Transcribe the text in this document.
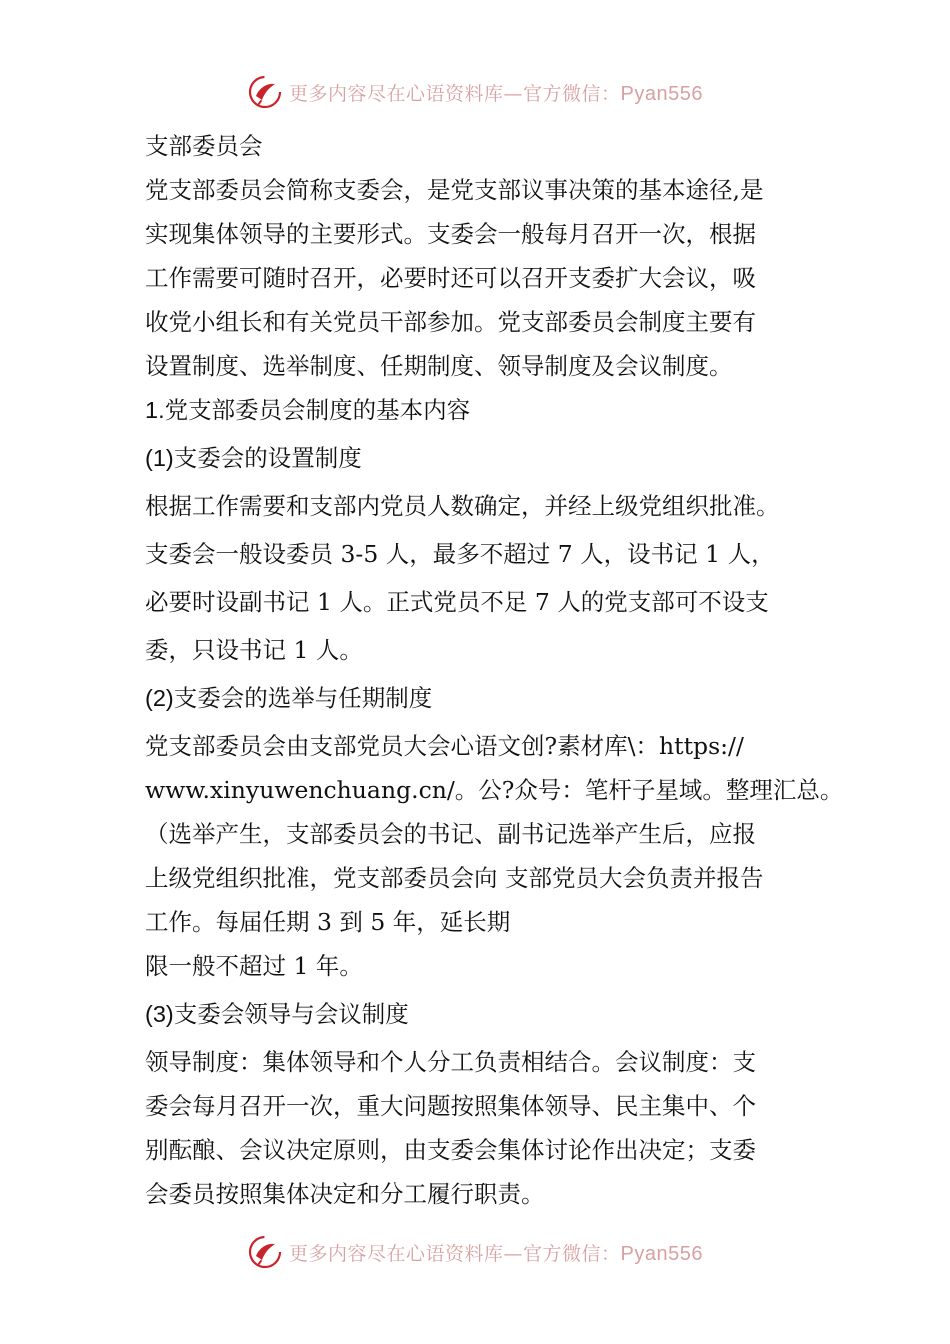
更多内容尽在心语资料库—官方微信：Pyan556
支部委员会
党支部委员会简称支委会，是党支部议事决策的基本途径,是
实现集体领导的主要形式。支委会一般每月召开一次，根据
工作需要可随时召开，必要时还可以召开支委扩大会议，吸
收党小组长和有关党员干部参加。党支部委员会制度主要有
设置制度、选举制度、任期制度、领导制度及会议制度。
1.党支部委员会制度的基本内容
(1)支委会的设置制度
根据工作需要和支部内党员人数确定，并经上级党组织批准。
支委会一般设委员 3-5 人，最多不超过 7 人，设书记 1 人，
必要时设副书记 1 人。正式党员不足 7 人的党支部可不设支
委，只设书记 1 人。
(2)支委会的选举与任期制度
党支部委员会由支部党员大会心语文创?素材库\：https://
www.xinyuwenchuang.cn/。公?众号：笔杆子星域。整理汇总。
（选举产生，支部委员会的书记、副书记选举产生后，应报
上级党组织批准，党支部委员会向 支部党员大会负责并报告
工作。每届任期 3 到 5 年，延长期
限一般不超过 1 年。
(3)支委会领导与会议制度
领导制度：集体领导和个人分工负责相结合。会议制度：支
委会每月召开一次，重大问题按照集体领导、民主集中、个
别酝酿、会议决定原则，由支委会集体讨论作出决定；支委
会委员按照集体决定和分工履行职责。
更多内容尽在心语资料库—官方微信：Pyan556
